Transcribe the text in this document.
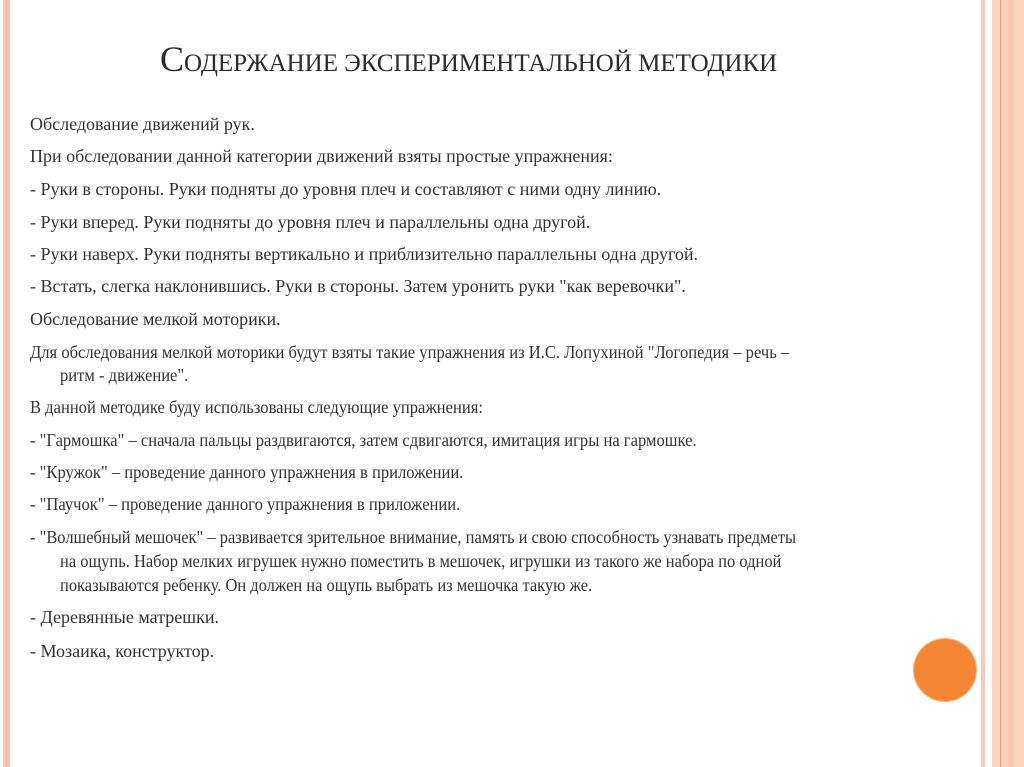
СОДЕРЖАНИЕ ЭКСПЕРИМЕНТАЛЬНОЙ МЕТОДИКИ
Обследование движений рук.
При обследовании данной категории движений взяты простые упражнения:
- Руки в стороны. Руки подняты до уровня плеч и составляют с ними одну линию.
- Руки вперед. Руки подняты до уровня плеч и параллельны одна другой.
- Руки наверх. Руки подняты вертикально и приблизительно параллельны одна другой.
- Встать, слегка наклонившись. Руки в стороны. Затем уронить руки "как веревочки".
Обследование мелкой моторики.
Для обследования мелкой моторики будут взяты такие упражнения из И.С. Лопухиной "Логопедия – речь –
ритм - движение".
В данной методике буду использованы следующие упражнения:
- "Гармошка" – сначала пальцы раздвигаются, затем сдвигаются, имитация игры на гармошке.
- "Кружок" – проведение данного упражнения в приложении.
- "Паучок" – проведение данного упражнения в приложении.
- "Волшебный мешочек" – развивается зрительное внимание, память и свою способность узнавать предметы
на ощупь. Набор мелких игрушек нужно поместить в мешочек, игрушки из такого же набора по одной
показываются ребенку. Он должен на ощупь выбрать из мешочка такую же.
- Деревянные матрешки.
- Мозаика, конструктор.
